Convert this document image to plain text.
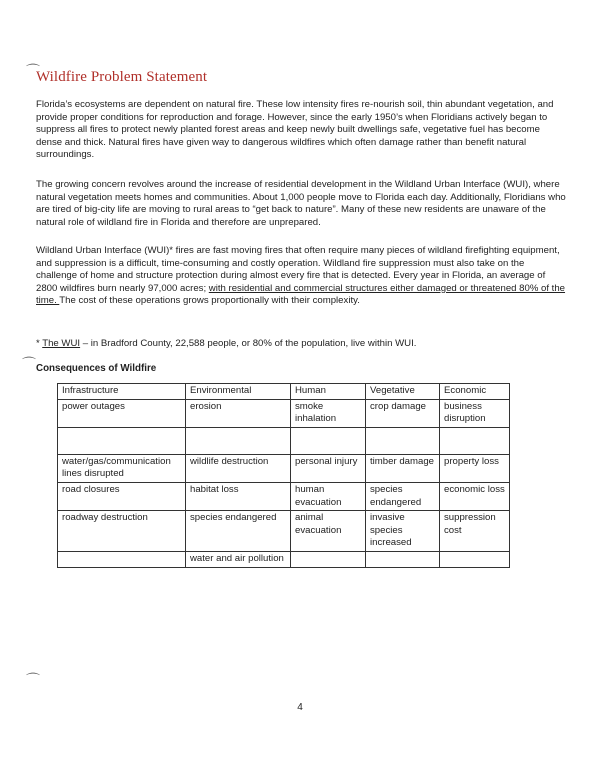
⌒
Wildfire Problem Statement

Florida’s ecosystems are dependent on natural fire. These low intensity fires re-nourish soil, thin abundant vegetation, and provide proper conditions for reproduction and forage. However, since the early 1950’s when Floridians actively began to suppress all fires to protect newly planted forest areas and keep newly built dwellings safe, vegetative fuel has become dense and thick. Natural fires have given way to dangerous wildfires which often damage rather than benefit natural surroundings.

The growing concern revolves around the increase of residential development in the Wildland Urban Interface (WUI), where natural vegetation meets homes and communities. About 1,000 people move to Florida each day. Additionally, Floridians who are tired of big-city life are moving to rural areas to “get back to nature”. Many of these new residents are unaware of the natural role of wildland fire in Florida and therefore are unprepared.

Wildland Urban Interface (WUI)* fires are fast moving fires that often require many pieces of wildland firefighting equipment, and suppression is a difficult, time-consuming and costly operation. Wildland fire suppression must also take on the challenge of home and structure protection during almost every fire that is detected. Every year in Florida, an average of 2800 wildfires burn nearly 97,000 acres; with residential and commercial structures either damaged or threatened 80% of the time. The cost of these operations grows proportionally with their complexity.

* The WUI – in Bradford County, 22,588 people, or 80% of the population, live within WUI.

⌒ Consequences of Wildfire
Infrastructure	Environmental	Human	Vegetative	Economic
power outages	erosion	smoke inhalation	crop damage	business disruption

water/gas/communication lines disrupted	wildlife destruction	personal injury	timber damage	property loss
road closures	habitat loss	human evacuation	species endangered	economic loss
roadway destruction	species endangered	animal evacuation	invasive species increased	suppression cost
	water and air pollution			
⌒
4
